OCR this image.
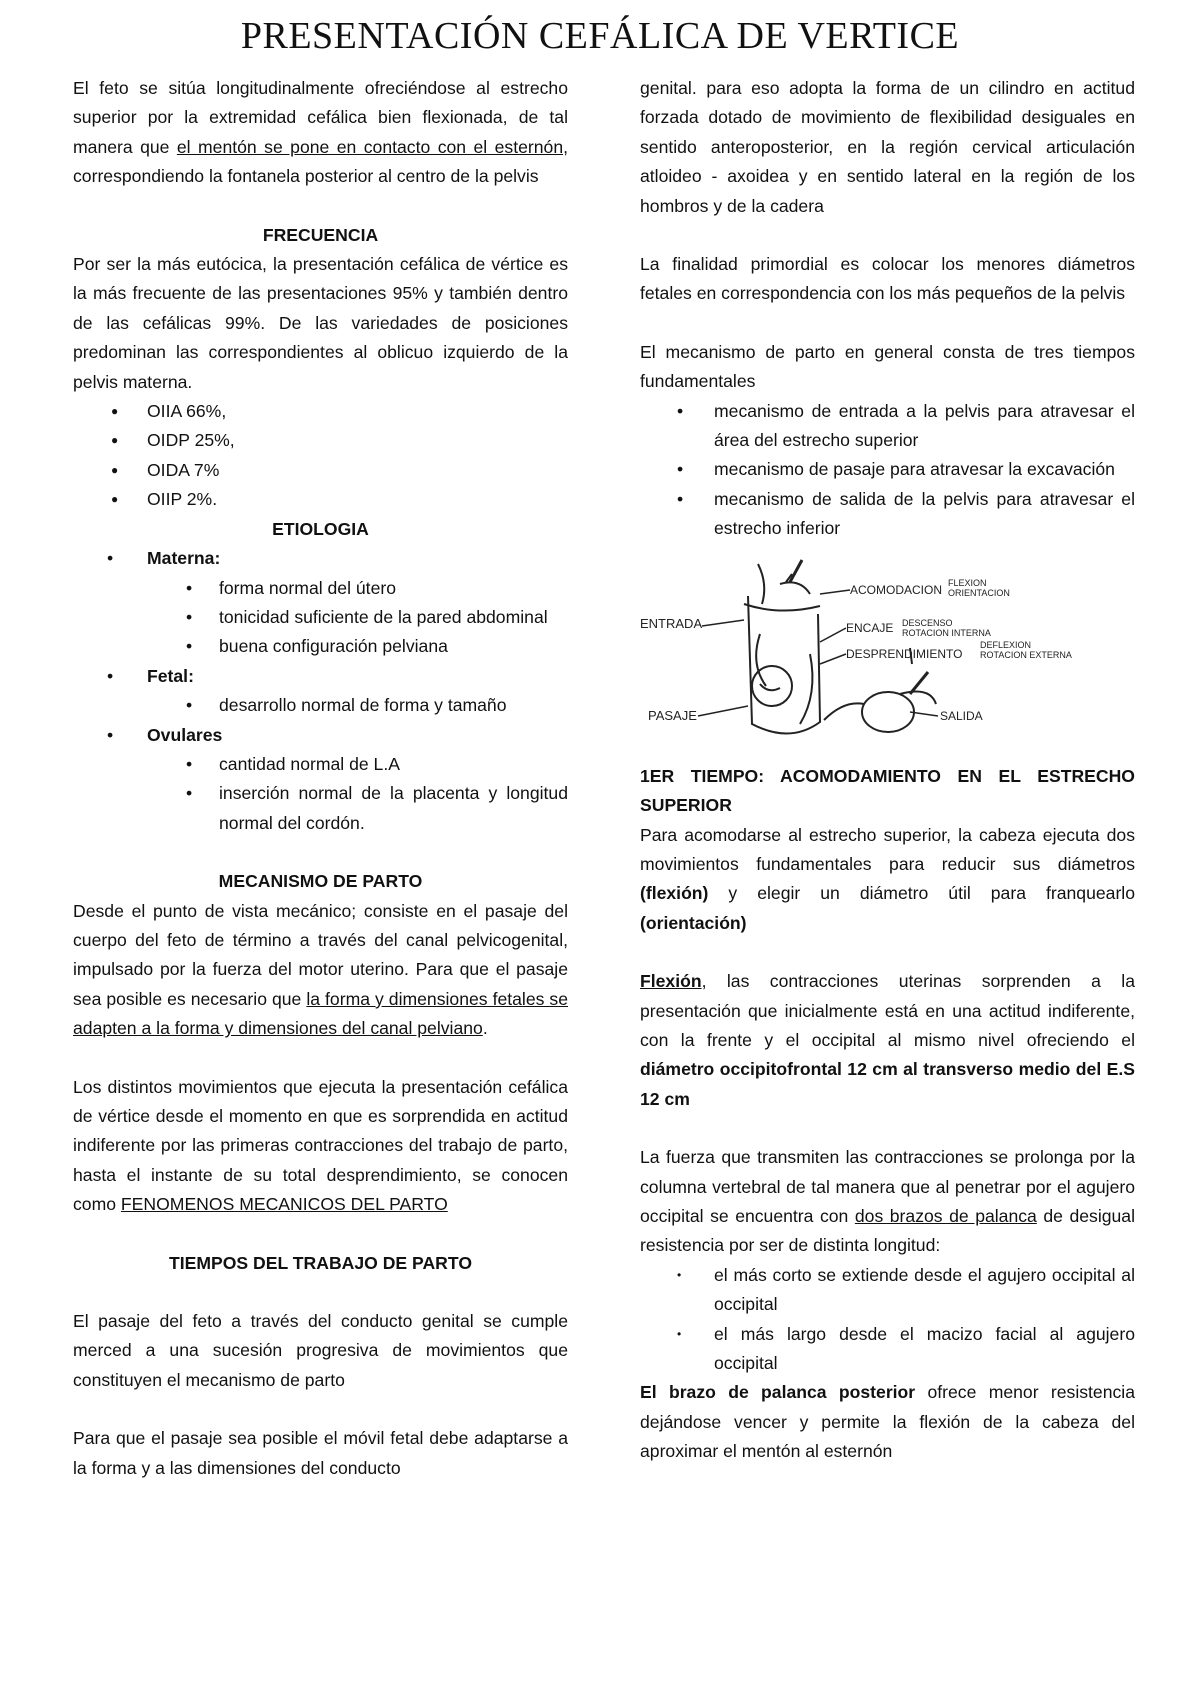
PRESENTACIÓN CEFÁLICA DE VERTICE

El feto se sitúa longitudinalmente ofreciéndose al estrecho superior por la extremidad cefálica bien flexionada, de tal manera que el mentón se pone en contacto con el esternón, correspondiendo la fontanela posterior al centro de la pelvis

FRECUENCIA

Por ser la más eutócica, la presentación cefálica de vértice es la más frecuente de las presentaciones 95% y también dentro de las cefálicas 99%. De las variedades de posiciones predominan las correspondientes al oblicuo izquierdo de la pelvis materna.

● OIIA 66%,
● OIDP 25%,
● OIDA 7%
● OIIP 2%.

ETIOLOGIA

• Materna:
• forma normal del útero
• tonicidad suficiente de la pared abdominal
• buena configuración pelviana
• Fetal:
• desarrollo normal de forma y tamaño
• Ovulares
• cantidad normal de L.A
• inserción normal de la placenta y longitud normal del cordón.

MECANISMO DE PARTO

Desde el punto de vista mecánico; consiste en el pasaje del cuerpo del feto de término a través del canal pelvicogenital, impulsado por la fuerza del motor uterino. Para que el pasaje sea posible es necesario que la forma y dimensiones fetales se adapten a la forma y dimensiones del canal pelviano.

Los distintos movimientos que ejecuta la presentación cefálica de vértice desde el momento en que es sorprendida en actitud indiferente por las primeras contracciones del trabajo de parto, hasta el instante de su total desprendimiento, se conocen como FENOMENOS MECANICOS DEL PARTO

TIEMPOS DEL TRABAJO DE PARTO

El pasaje del feto a través del conducto genital se cumple merced a una sucesión progresiva de movimientos que constituyen el mecanismo de parto

Para que el pasaje sea posible el móvil fetal debe adaptarse a la forma y a las dimensiones del conducto

genital. para eso adopta la forma de un cilindro en actitud forzada dotado de movimiento de flexibilidad desiguales en sentido anteroposterior, en la región cervical articulación atloideo - axoidea y en sentido lateral en la región de los hombros y de la cadera

La finalidad primordial es colocar los menores diámetros fetales en correspondencia con los más pequeños de la pelvis

El mecanismo de parto en general consta de tres tiempos fundamentales

• mecanismo de entrada a la pelvis para atravesar el área del estrecho superior
• mecanismo de pasaje para atravesar la excavación
• mecanismo de salida de la pelvis para atravesar el estrecho inferior
ENTRADA
ACOMODACION FLEXION
ORIENTACION
ENCAJE DESCENSO
ROTACION INTERNA
DESPRENDIMIENTO
DEFLEXION
ROTACION EXTERNA
PASAJE	SALIDA

1ER TIEMPO: ACOMODAMIENTO EN EL ESTRECHO SUPERIOR

Para acomodarse al estrecho superior, la cabeza ejecuta dos movimientos fundamentales para reducir sus diámetros (flexión) y elegir un diámetro útil para franquearlo (orientación)

Flexión, las contracciones uterinas sorprenden a la presentación que inicialmente está en una actitud indiferente, con la frente y el occipital al mismo nivel ofreciendo el diámetro occipitofrontal 12 cm al transverso medio del E.S 12 cm

La fuerza que transmiten las contracciones se prolonga por la columna vertebral de tal manera que al penetrar por el agujero occipital se encuentra con dos brazos de palanca de desigual resistencia por ser de distinta longitud:

• el más corto se extiende desde el agujero occipital al occipital
• el más largo desde el macizo facial al agujero occipital

El brazo de palanca posterior ofrece menor resistencia dejándose vencer y permite la flexión de la cabeza del aproximar el mentón al esternón
